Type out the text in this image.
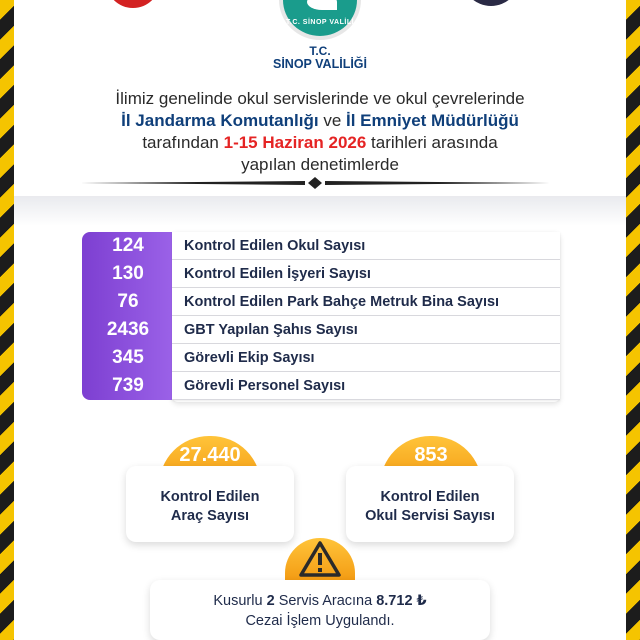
T.C. SİNOP VALİLİ
T.C.
SİNOP VALİLİĞİ
İlimiz genelinde okul servislerinde ve okul çevrelerinde
İl Jandarma Komutanlığı ve İl Emniyet Müdürlüğü
tarafından 1-15 Haziran 2026 tarihleri arasında
yapılan denetimlerde
124	Kontrol Edilen Okul Sayısı
130	Kontrol Edilen İşyeri Sayısı
76	Kontrol Edilen Park Bahçe Metruk Bina Sayısı
2436	GBT Yapılan Şahıs Sayısı
345	Görevli Ekip Sayısı
739	Görevli Personel Sayısı
27.440
Kontrol Edilen
Araç Sayısı
853
Kontrol Edilen
Okul Servisi Sayısı
Kusurlu 2 Servis Aracına 8.712 ₺
Cezai İşlem Uygulandı.
